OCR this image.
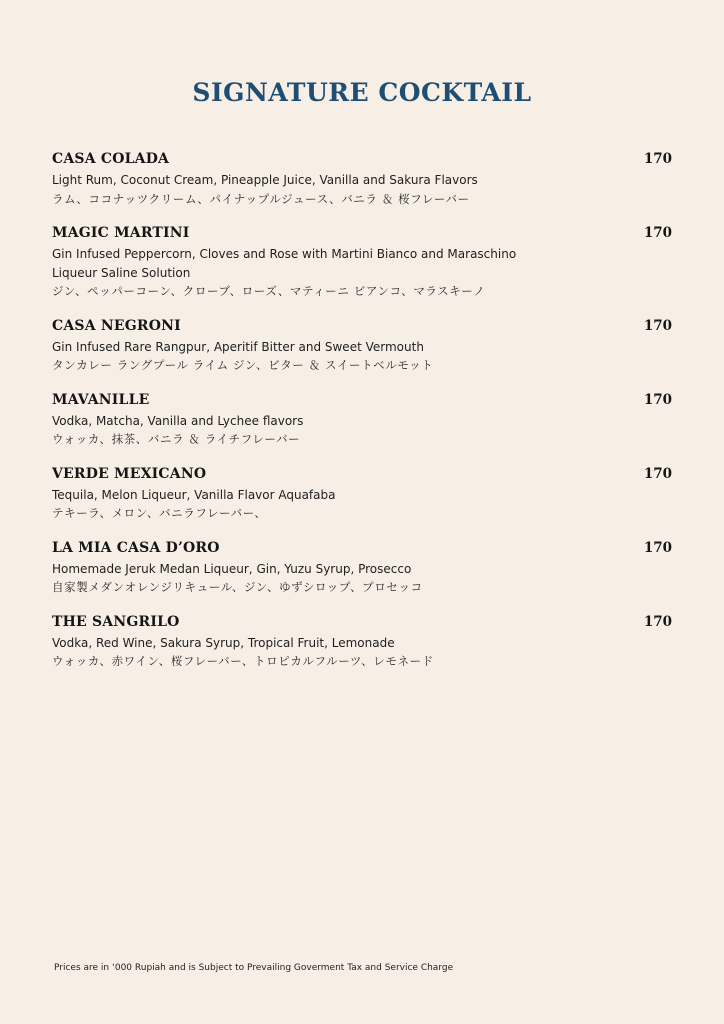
SIGNATURE COCKTAIL
CASA COLADA	170
Light Rum, Coconut Cream, Pineapple Juice, Vanilla and Sakura Flavors
ラム、ココナッツクリーム、パイナップルジュース、バニラ ＆ 桜フレーバー
MAGIC MARTINI	170
Gin Infused Peppercorn, Cloves and Rose with Martini Bianco and Maraschino Liqueur Saline Solution
ジン、ペッパーコーン、クローブ、ローズ、マティーニ ビアンコ、マラスキーノ
CASA NEGRONI	170
Gin Infused Rare Rangpur, Aperitif Bitter and Sweet Vermouth
タンカレー ラングプール ライム ジン、ビター ＆ スイートベルモット
MAVANILLE	170
Vodka, Matcha, Vanilla and Lychee flavors
ウォッカ、抹茶、バニラ ＆ ライチフレーバー
VERDE MEXICANO	170
Tequila, Melon Liqueur, Vanilla Flavor Aquafaba
テキーラ、メロン、バニラフレーバー、
LA MIA CASA D’ORO	170
Homemade Jeruk Medan Liqueur, Gin, Yuzu Syrup, Prosecco
自家製メダンオレンジリキュール、ジン、ゆずシロップ、プロセッコ
THE SANGRILO	170
Vodka, Red Wine, Sakura Syrup, Tropical Fruit, Lemonade
ウォッカ、赤ワイン、桜フレーバー、トロピカルフルーツ、レモネード
Prices are in ‘000 Rupiah and is Subject to Prevailing Goverment Tax and Service Charge
